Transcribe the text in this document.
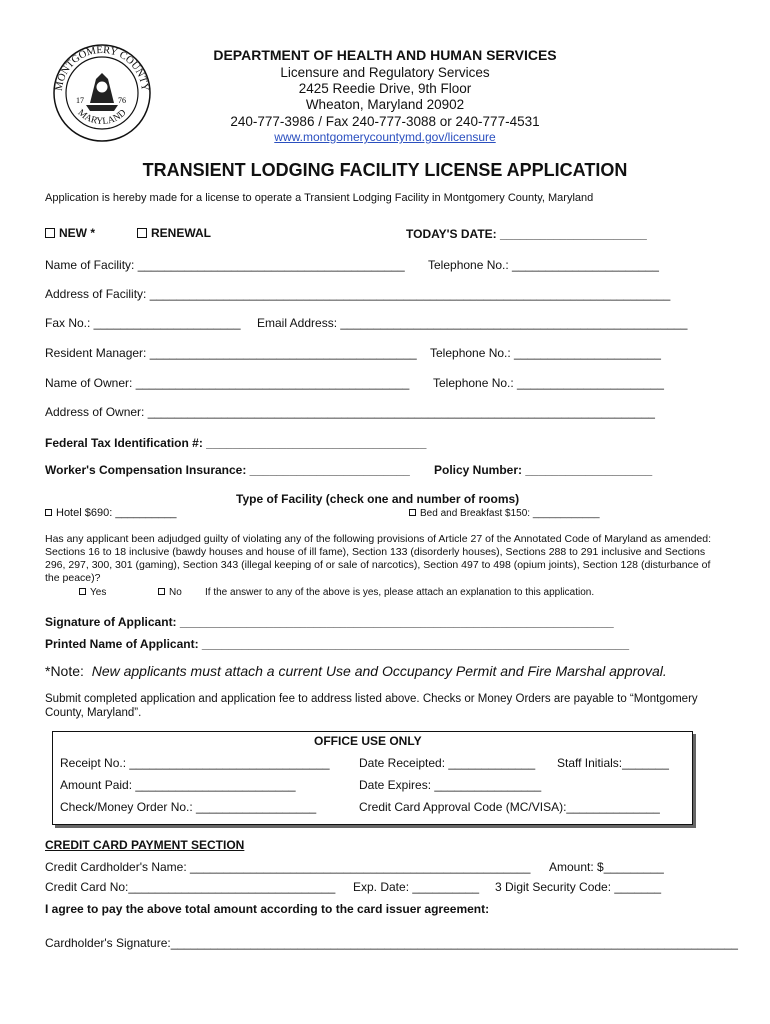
MONTGOMERY COUNTY
MARYLAND
17	76
DEPARTMENT OF HEALTH AND HUMAN SERVICES
Licensure and Regulatory Services
2425 Reedie Drive, 9th Floor
Wheaton, Maryland 20902
240-777-3986 / Fax 240-777-3088 or 240-777-4531
www.montgomerycountymd.gov/licensure
TRANSIENT LODGING FACILITY LICENSE APPLICATION
Application is hereby made for a license to operate a Transient Lodging Facility in Montgomery County, Maryland
NEW *	RENEWAL	TODAY'S DATE: ______________________
Name of Facility: ________________________________________ Telephone No.: ______________________
Address of Facility: ______________________________________________________________________________
Fax No.: ______________________ Email Address: ____________________________________________________
Resident Manager: ________________________________________ Telephone No.: ______________________
Name of Owner: _________________________________________ Telephone No.: ______________________
Address of Owner: ____________________________________________________________________________
Federal Tax Identification #: _________________________________
Worker's Compensation Insurance: ________________________ Policy Number: ___________________
Type of Facility (check one and number of rooms)
Hotel $690: __________	Bed and Breakfast $150: ____________
Has any applicant been adjudged guilty of violating any of the following provisions of Article 27 of the Annotated Code of Maryland as amended: Sections 16 to 18 inclusive (bawdy houses and house of ill fame), Section 133 (disorderly houses), Sections 288 to 291 inclusive and Sections 296, 297, 300, 301 (gaming), Section 343 (illegal keeping of or sale of narcotics), Section 497 to 498 (opium joints), Section 128 (disturbance of the peace)?
Yes	No If the answer to any of the above is yes, please attach an explanation to this application.
Signature of Applicant: _________________________________________________________________
Printed Name of Applicant: ________________________________________________________________
*Note: New applicants must attach a current Use and Occupancy Permit and Fire Marshal approval.
Submit completed application and application fee to address listed above. Checks or Money Orders are payable to “Montgomery County, Maryland”.
OFFICE USE ONLY
Receipt No.: ______________________________ Date Receipted: _____________ Staff Initials:_______
Amount Paid: ________________________	Date Expires: ________________
Check/Money Order No.: __________________	Credit Card Approval Code (MC/VISA):______________
CREDIT CARD PAYMENT SECTION
Credit Cardholder's Name: ___________________________________________________ Amount: $_________
Credit Card No:_______________________________ Exp. Date: __________ 3 Digit Security Code: _______
I agree to pay the above total amount according to the card issuer agreement:
Cardholder's Signature:_____________________________________________________________________________________
